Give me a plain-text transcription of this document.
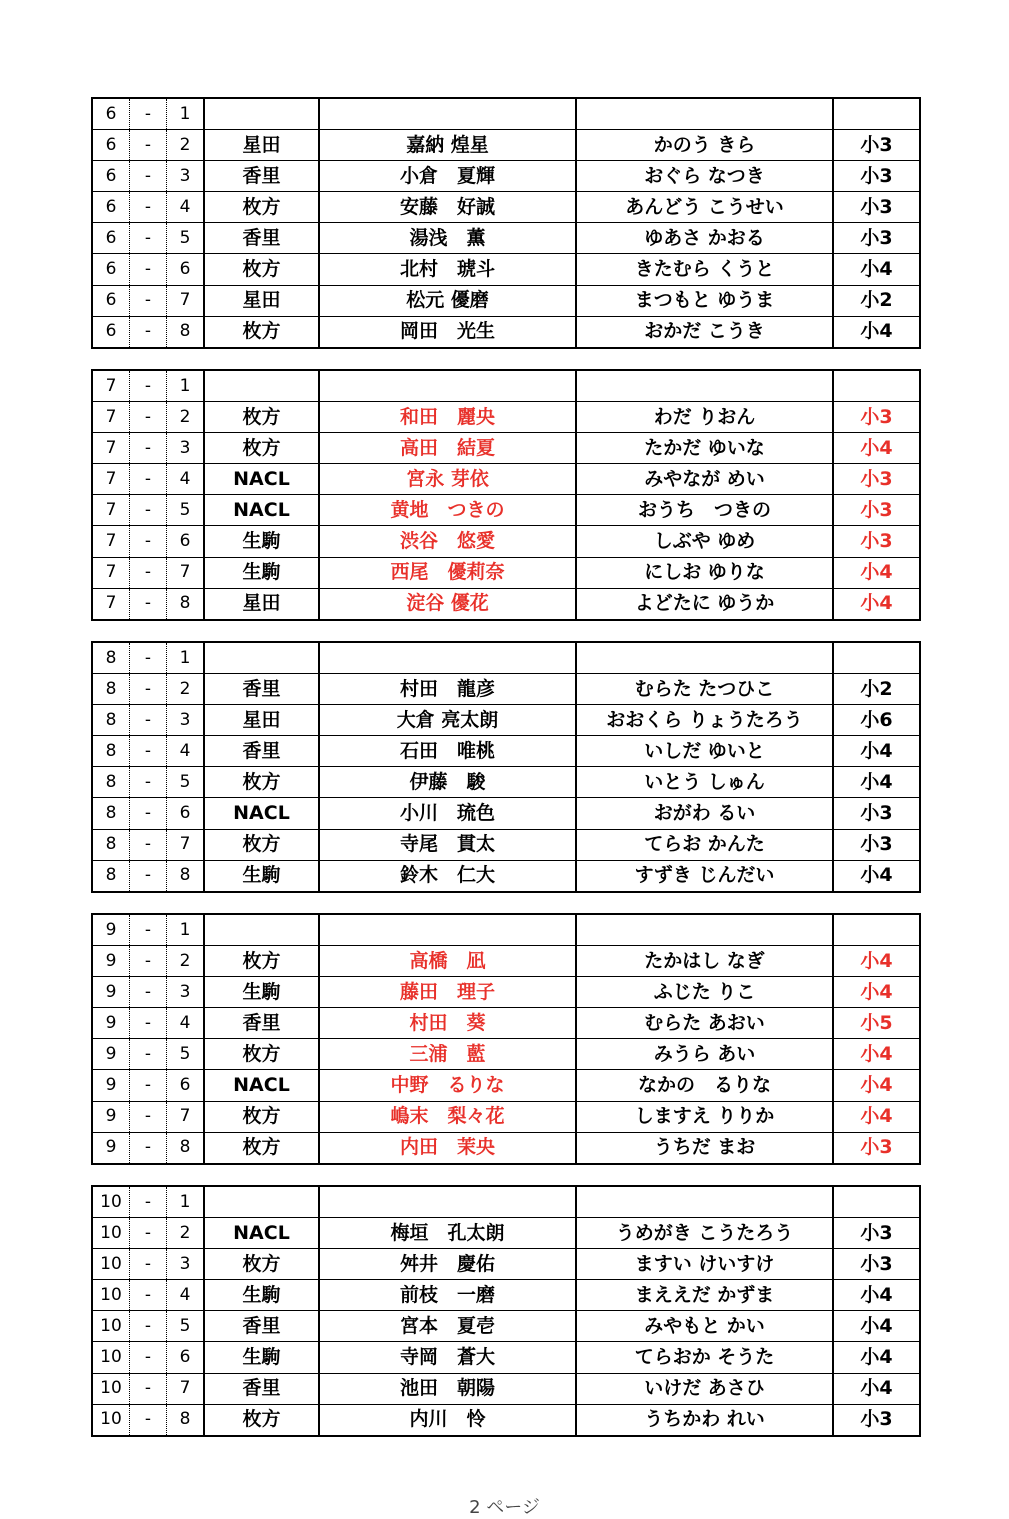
6	-	1				
6	-	2	星田	嘉納 煌星	かのう きら	小3
6	-	3	香里	小倉　夏輝	おぐら なつき	小3
6	-	4	枚方	安藤　好誠	あんどう こうせい	小3
6	-	5	香里	湯浅　薫	ゆあさ かおる	小3
6	-	6	枚方	北村　琥斗	きたむら くうと	小4
6	-	7	星田	松元 優磨	まつもと ゆうま	小2
6	-	8	枚方	岡田　光生	おかだ こうき	小4
7	-	1				
7	-	2	枚方	和田　麗央	わだ りおん	小3
7	-	3	枚方	高田　結夏	たかだ ゆいな	小4
7	-	4	NACL	宮永 芽依	みやなが めい	小3
7	-	5	NACL	黄地　つきの	おうち　つきの	小3
7	-	6	生駒	渋谷　悠愛	しぶや ゆめ	小3
7	-	7	生駒	西尾　優莉奈	にしお ゆりな	小4
7	-	8	星田	淀谷 優花	よどたに ゆうか	小4
8	-	1				
8	-	2	香里	村田　龍彦	むらた たつひこ	小2
8	-	3	星田	大倉 亮太朗	おおくら りょうたろう	小6
8	-	4	香里	石田　唯桃	いしだ ゆいと	小4
8	-	5	枚方	伊藤　駿	いとう しゅん	小4
8	-	6	NACL	小川　琉色	おがわ るい	小3
8	-	7	枚方	寺尾　貫太	てらお かんた	小3
8	-	8	生駒	鈴木　仁大	すずき じんだい	小4
9	-	1				
9	-	2	枚方	高橋　凪	たかはし なぎ	小4
9	-	3	生駒	藤田　理子	ふじた りこ	小4
9	-	4	香里	村田　葵	むらた あおい	小5
9	-	5	枚方	三浦　藍	みうら あい	小4
9	-	6	NACL	中野　るりな	なかの　るりな	小4
9	-	7	枚方	嶋末　梨々花	しますえ りりか	小4
9	-	8	枚方	内田　茉央	うちだ まお	小3
10	-	1				
10	-	2	NACL	梅垣　孔太朗	うめがき こうたろう	小3
10	-	3	枚方	舛井　慶佑	ますい けいすけ	小3
10	-	4	生駒	前枝　一磨	まええだ かずま	小4
10	-	5	香里	宮本　夏壱	みやもと かい	小4
10	-	6	生駒	寺岡　蒼大	てらおか そうた	小4
10	-	7	香里	池田　朝陽	いけだ あさひ	小4
10	-	8	枚方	内川　怜	うちかわ れい	小3
2 ページ
